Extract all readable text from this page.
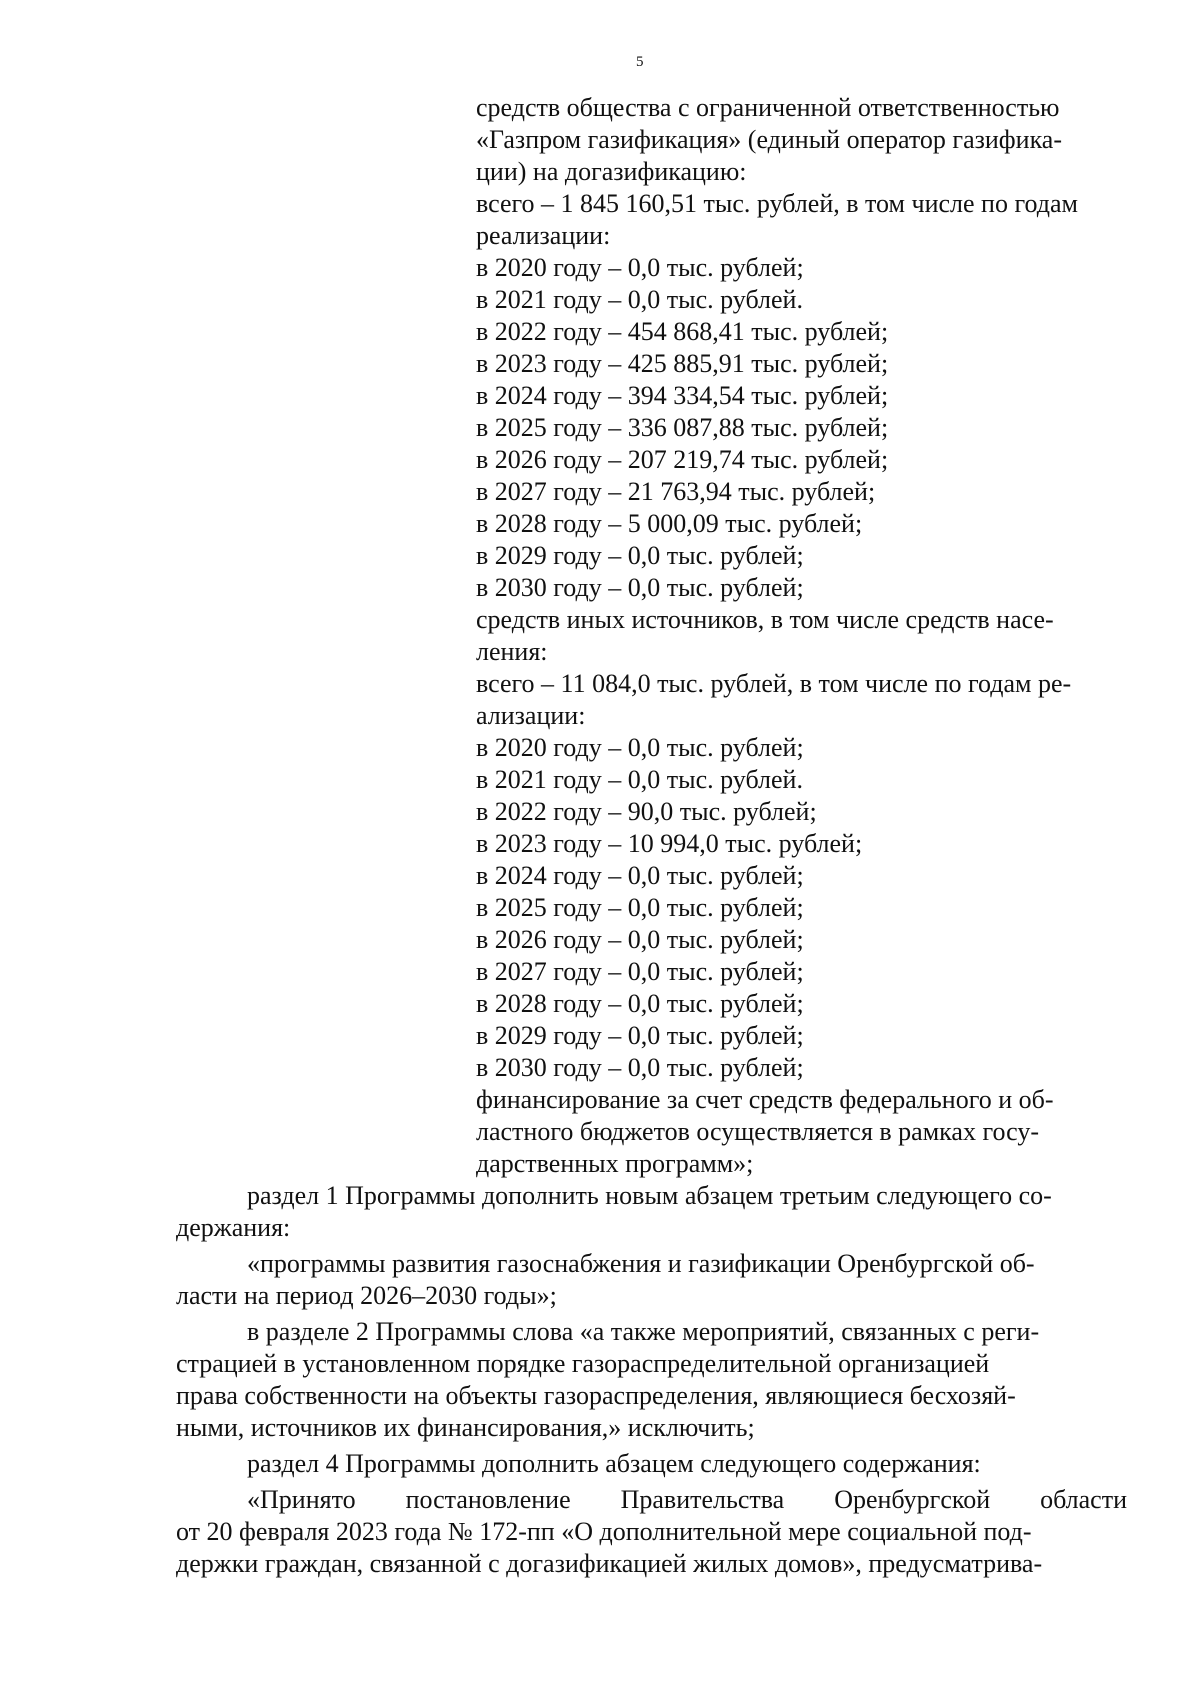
5
средств общества с ограниченной ответственностью
«Газпром газификация» (единый оператор газифика-
ции) на догазификацию:
всего – 1 845 160,51 тыс. рублей, в том числе по годам
реализации:
в 2020 году – 0,0 тыс. рублей;
в 2021 году – 0,0 тыс. рублей.
в 2022 году – 454 868,41 тыс. рублей;
в 2023 году – 425 885,91 тыс. рублей;
в 2024 году – 394 334,54 тыс. рублей;
в 2025 году – 336 087,88 тыс. рублей;
в 2026 году – 207 219,74 тыс. рублей;
в 2027 году – 21 763,94 тыс. рублей;
в 2028 году – 5 000,09 тыс. рублей;
в 2029 году – 0,0 тыс. рублей;
в 2030 году – 0,0 тыс. рублей;
средств иных источников, в том числе средств насе-
ления:
всего – 11 084,0 тыс. рублей, в том числе по годам ре-
ализации:
в 2020 году – 0,0 тыс. рублей;
в 2021 году – 0,0 тыс. рублей.
в 2022 году – 90,0 тыс. рублей;
в 2023 году – 10 994,0 тыс. рублей;
в 2024 году – 0,0 тыс. рублей;
в 2025 году – 0,0 тыс. рублей;
в 2026 году – 0,0 тыс. рублей;
в 2027 году – 0,0 тыс. рублей;
в 2028 году – 0,0 тыс. рублей;
в 2029 году – 0,0 тыс. рублей;
в 2030 году – 0,0 тыс. рублей;
финансирование за счет средств федерального и об-
ластного бюджетов осуществляется в рамках госу-
дарственных программ»;
раздел 1 Программы дополнить новым абзацем третьим следующего со-
держания:
«программы развития газоснабжения и газификации Оренбургской об-
ласти на период 2026–2030 годы»;
в разделе 2 Программы слова «а также мероприятий, связанных с реги-
страцией в установленном порядке газораспределительной организацией
права собственности на объекты газораспределения, являющиеся бесхозяй-
ными, источников их финансирования,» исключить;
раздел 4 Программы дополнить абзацем следующего содержания:
«Принято постановление Правительства Оренбургской области
от 20 февраля 2023 года № 172-пп «О дополнительной мере социальной под-
держки граждан, связанной с догазификацией жилых домов», предусматрива-
